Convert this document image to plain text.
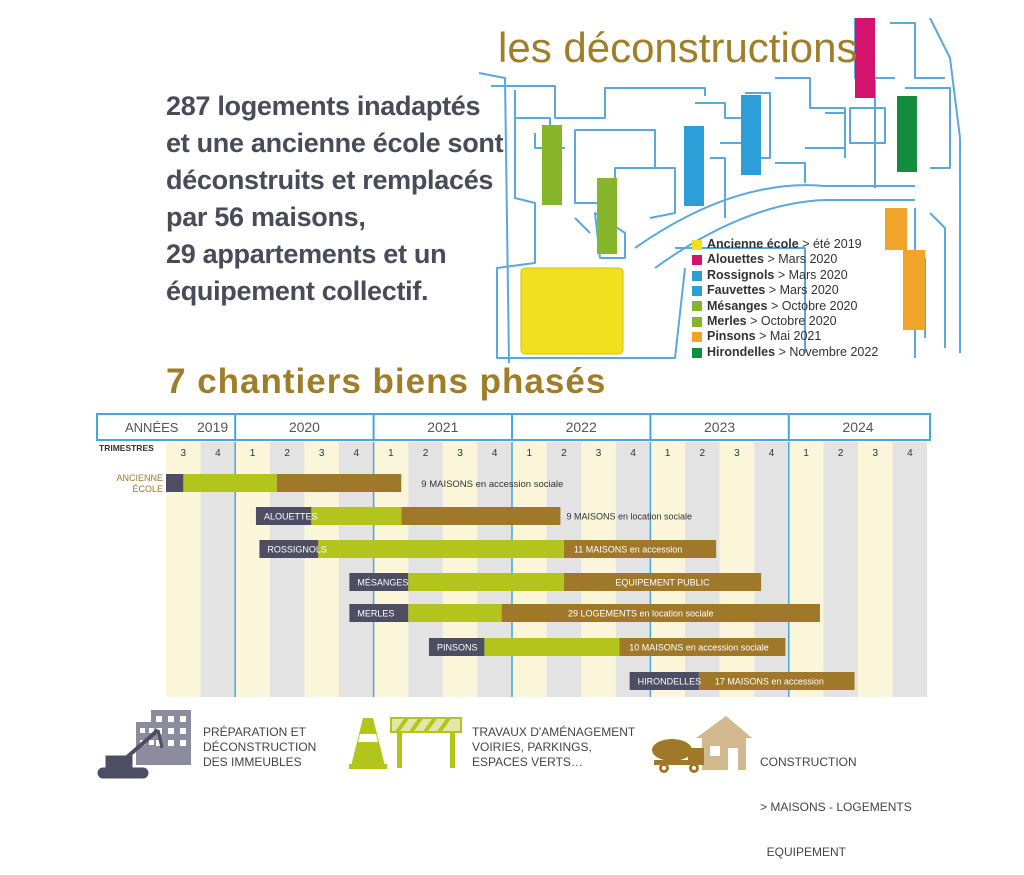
287 logements inadaptés
et une ancienne école sont
déconstruits et remplacés
par 56 maisons,
29 appartements et un
équipement collectif.
les déconstructions
Ancienne école
> été 2019
Alouettes
> Mars 2020
Rossignols
> Mars 2020
Fauvettes
> Mars 2020
Mésanges
> Octobre 2020
Merles
> Octobre 2020
Pinsons
> Mai 2021
Hirondelles
> Novembre 2022
7 chantiers biens phasés
ANNÉES 2019	2020	2021	2022	2023	2024
TRIMESTRES	3	4	1	2	3	4	1	2	3	4	1	2	3	4	1	2	3	4	1	2	3	4
ANCIENNE ÉCOLE	9 MAISONS en accession sociale
ALOUETTES	9 MAISONS en location sociale
ROSSIGNOLS	11 MAISONS en accession
MÉSANGES	EQUIPEMENT PUBLIC
MERLES	29 LOGEMENTS en location sociale
PINSONS	10 MAISONS en accession sociale
HIRONDELLES 17 MAISONS en accession
PRÉPARATION ET
DÉCONSTRUCTION
DES IMMEUBLES
TRAVAUX D'AMÉNAGEMENT
VOIRIES, PARKINGS,
ESPACES VERTS…

	CONSTRUCTION

> MAISONS - LOGEMENTS

EQUIPEMENT
